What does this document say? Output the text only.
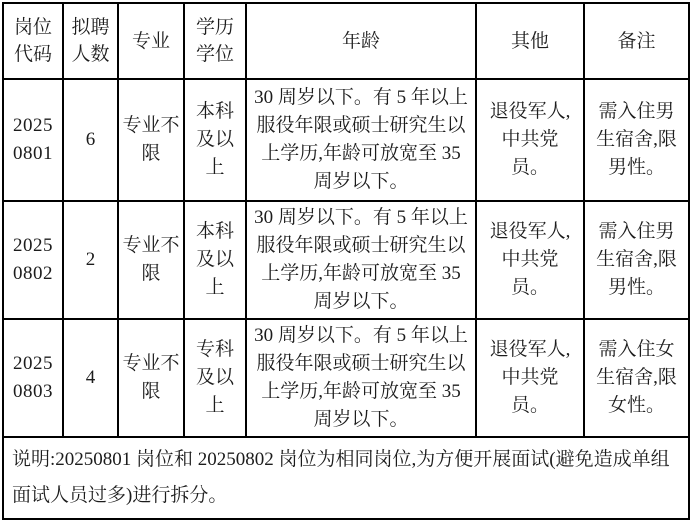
岗位代码	拟聘人数	专业	学历学位	年龄	其他	备注
20250801	6	专业不限	本科及以上	30 周岁以下。有 5 年以上服役年限或硕士研究生以上学历,年龄可放宽至 35 周岁以下。	退役军人,中共党员。	需入住男生宿舍,限男性。
20250802	2	专业不限	本科及以上	30 周岁以下。有 5 年以上服役年限或硕士研究生以上学历,年龄可放宽至 35 周岁以下。	退役军人,中共党员。	需入住男生宿舍,限男性。
20250803	4	专业不限	专科及以上	30 周岁以下。有 5 年以上服役年限或硕士研究生以上学历,年龄可放宽至 35 周岁以下。	退役军人,中共党员。	需入住女生宿舍,限女性。
说明:20250801 岗位和 20250802 岗位为相同岗位,为方便开展面试(避免造成单组面试人员过多)进行拆分。						
